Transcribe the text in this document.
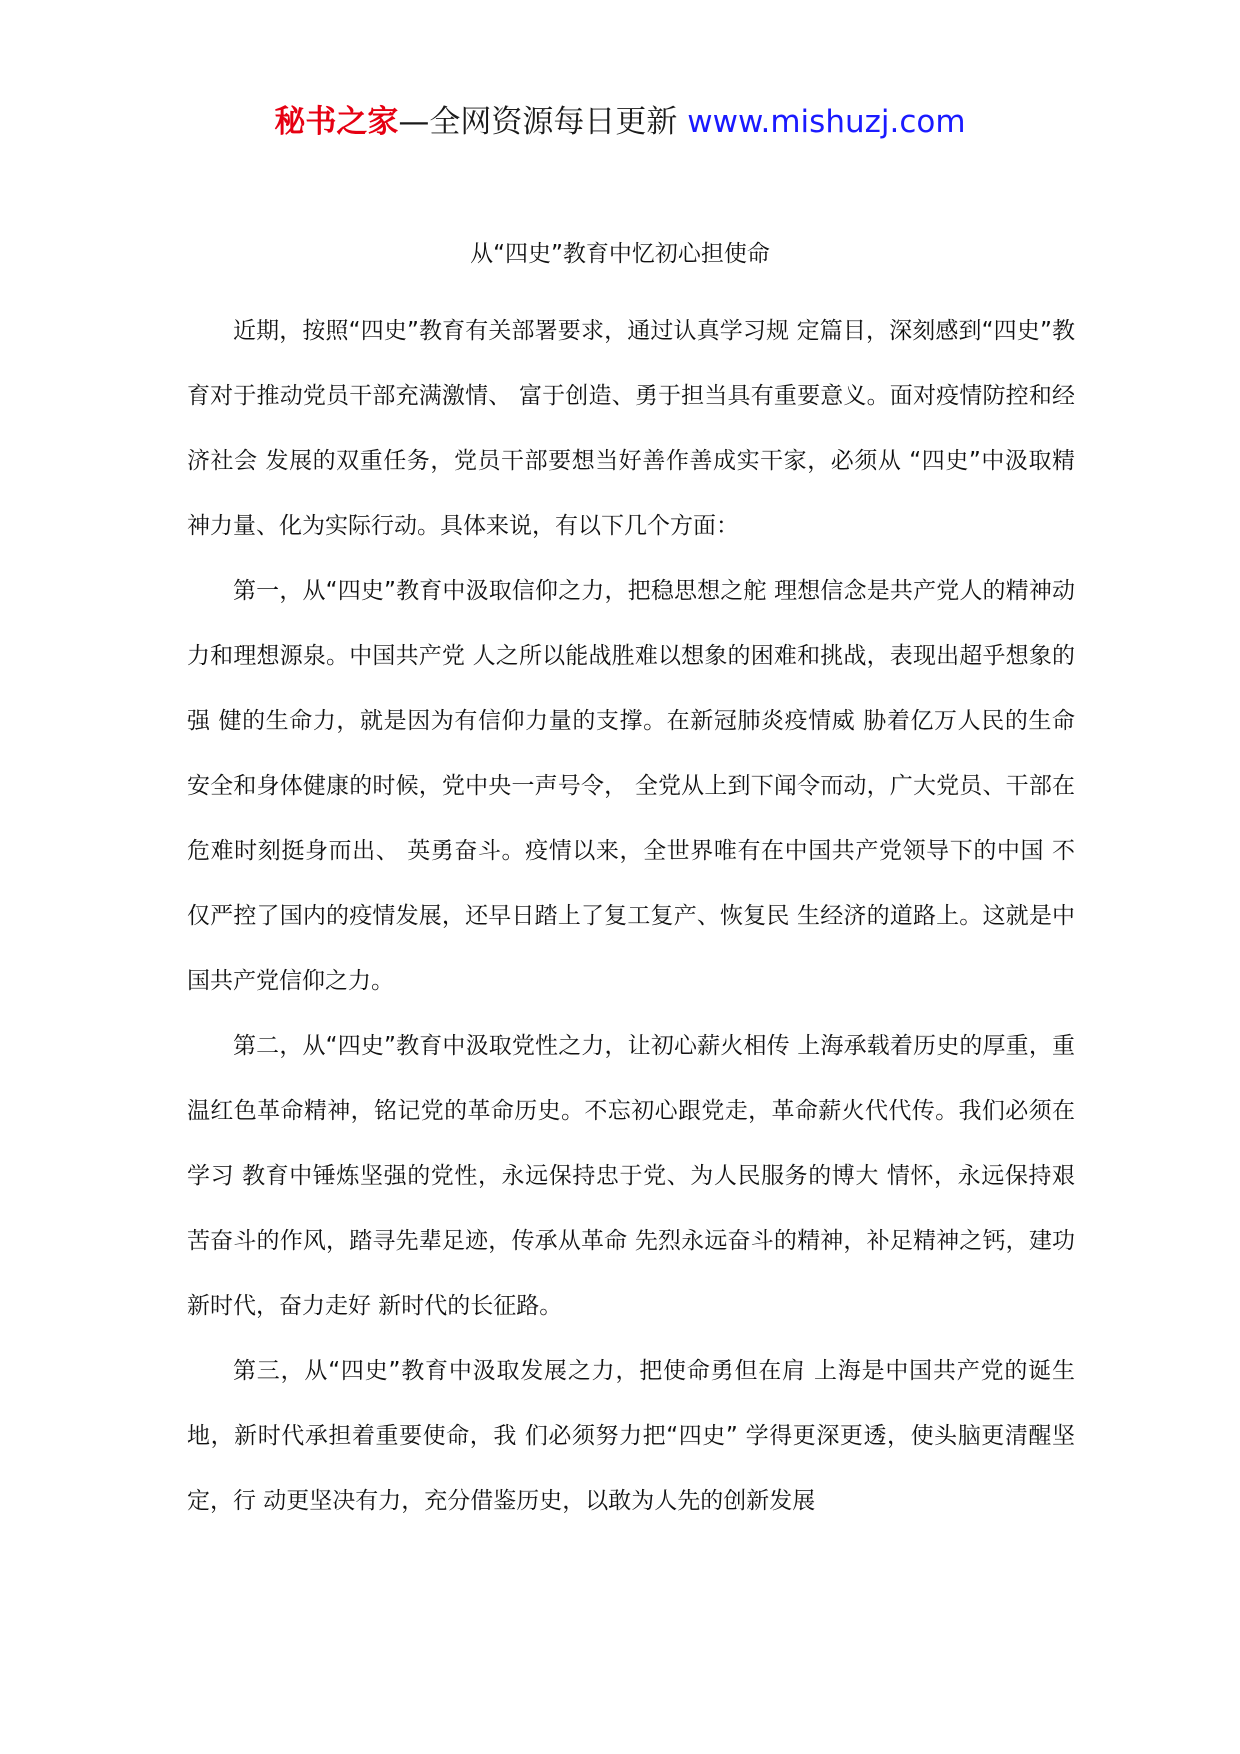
秘书之家—全网资源每日更新 www.mishuzj.com
从“四史”教育中忆初心担使命

近期，按照“四史”教育有关部署要求，通过认真学习规 定篇目，深刻感到“四史”教育对于推动党员干部充满激情、 富于创造、勇于担当具有重要意义。面对疫情防控和经济社会 发展的双重任务，党员干部要想当好善作善成实干家，必须从 “四史”中汲取精神力量、化为实际行动。具体来说，有以下几个方面：

第一，从“四史”教育中汲取信仰之力，把稳思想之舵 理想信念是共产党人的精神动力和理想源泉。中国共产党 人之所以能战胜难以想象的困难和挑战，表现出超乎想象的强 健的生命力，就是因为有信仰力量的支撑。在新冠肺炎疫情威 胁着亿万人民的生命安全和身体健康的时候，党中央一声号令， 全党从上到下闻令而动，广大党员、干部在危难时刻挺身而出、 英勇奋斗。疫情以来，全世界唯有在中国共产党领导下的中国 不仅严控了国内的疫情发展，还早日踏上了复工复产、恢复民 生经济的道路上。这就是中国共产党信仰之力。

第二，从“四史”教育中汲取党性之力，让初心薪火相传 上海承载着历史的厚重，重温红色革命精神，铭记党的革命历史。不忘初心跟党走，革命薪火代代传。我们必须在学习 教育中锤炼坚强的党性，永远保持忠于党、为人民服务的博大 情怀，永远保持艰苦奋斗的作风，踏寻先辈足迹，传承从革命 先烈永远奋斗的精神，补足精神之钙，建功新时代，奋力走好 新时代的长征路。

第三，从“四史”教育中汲取发展之力，把使命勇但在肩 上海是中国共产党的诞生地，新时代承担着重要使命，我 们必须努力把“四史” 学得更深更透，使头脑更清醒坚定，行 动更坚决有力，充分借鉴历史，以敢为人先的创新发展
